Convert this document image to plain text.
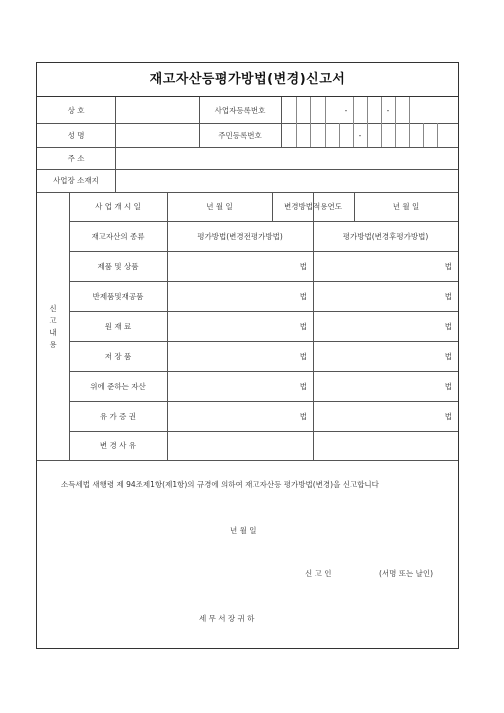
재고자산등평가방법(변경)신고서
상 호	사업자등록번호	-	-
성 명	주민등록번호	-
주 소
사업장 소재지
신
고
내
용
사 업 개 시 일	년 월 일	변경방법적용연도	년 월 일
재고자산의 종류	평가방법(변경전평가방법)	평가방법(변경후평가방법)
제품 및 상품	법	법
반제품및재공품	법	법
원 재 료	법	법
저 장 품	법	법
위에 준하는 자산	법	법
유 가 증 권	법	법
변 경 사 유
소득세법 새행령 제 94조제1항(제1항)의 규경에 의하여 재고자산등 평가방법(변경)을 신고합니다
년 월 일
신 고 인	(서명 또는 날인)
세 무 서 장 귀 하
